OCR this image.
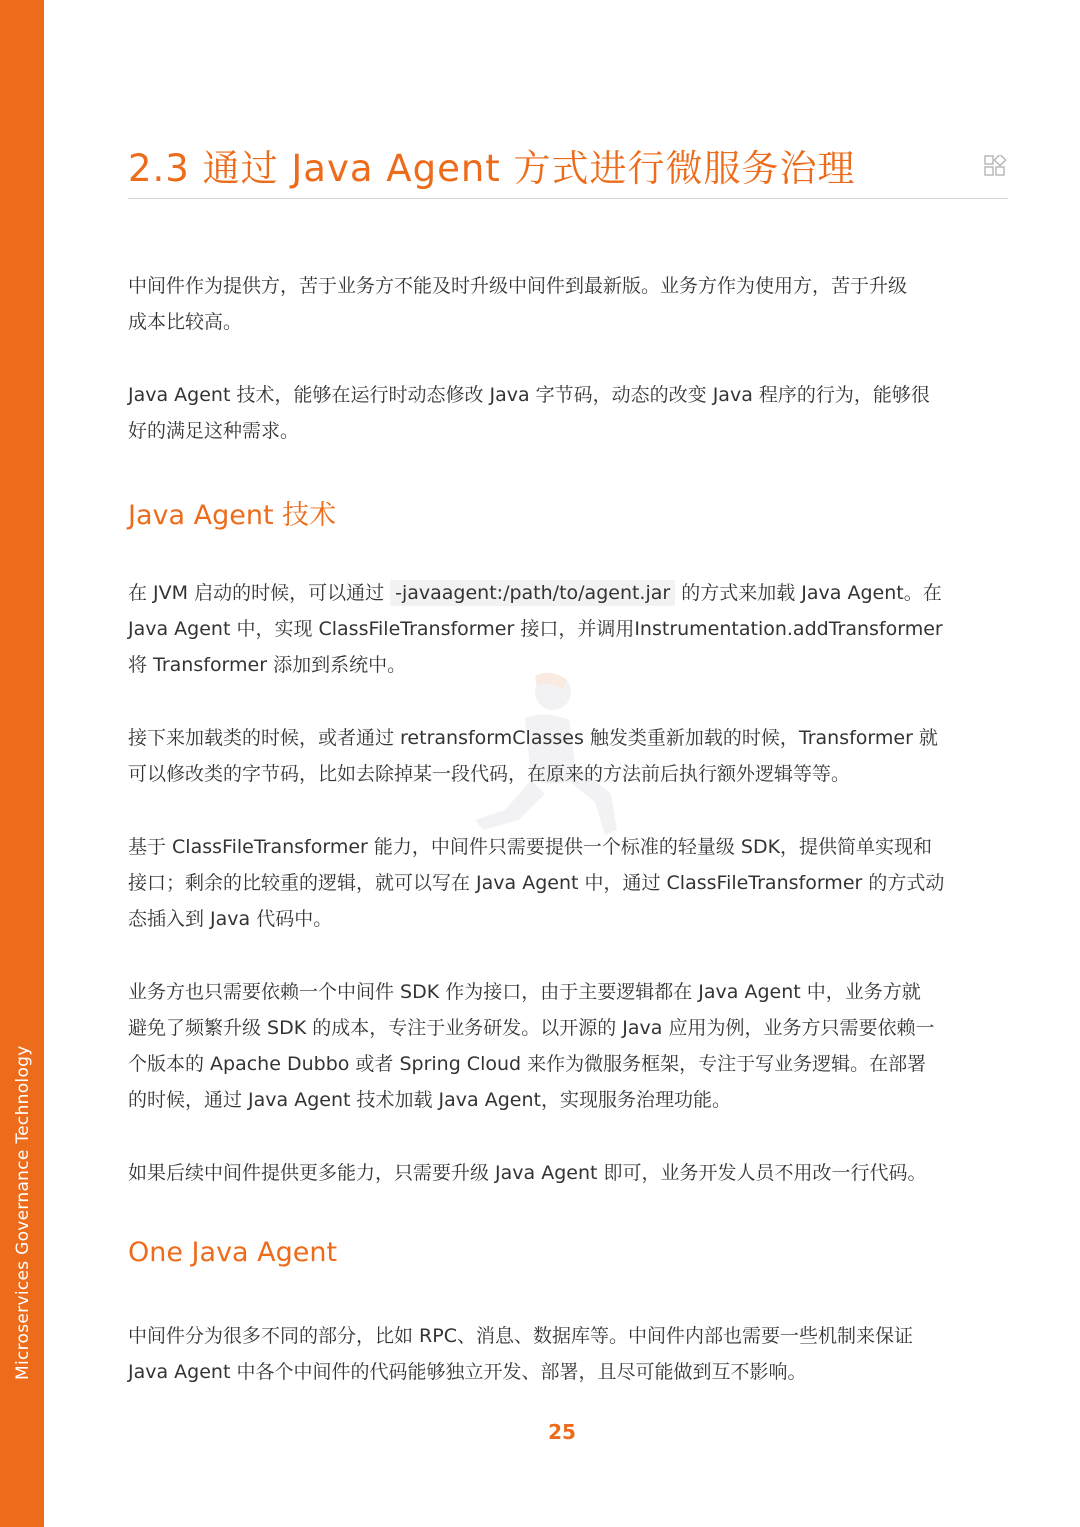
Microservices Governance Technology
2.3 通过 Java Agent 方式进行微服务治理

中间件作为提供方，苦于业务方不能及时升级中间件到最新版。业务方作为使用方，苦于升级
成本比较高。

Java Agent 技术，能够在运行时动态修改 Java 字节码，动态的改变 Java 程序的行为，能够很
好的满足这种需求。

Java Agent 技术

在 JVM 启动的时候，可以通过 -javaagent:/path/to/agent.jar 的方式来加载 Java Agent。在
Java Agent 中，实现 ClassFileTransformer 接口，并调用Instrumentation.addTransformer
将 Transformer 添加到系统中。

接下来加载类的时候，或者通过 retransformClasses 触发类重新加载的时候，Transformer 就
可以修改类的字节码，比如去除掉某一段代码，在原来的方法前后执行额外逻辑等等。

基于 ClassFileTransformer 能力，中间件只需要提供一个标准的轻量级 SDK，提供简单实现和
接口；剩余的比较重的逻辑，就可以写在 Java Agent 中，通过 ClassFileTransformer 的方式动
态插入到 Java 代码中。

业务方也只需要依赖一个中间件 SDK 作为接口，由于主要逻辑都在 Java Agent 中，业务方就
避免了频繁升级 SDK 的成本，专注于业务研发。以开源的 Java 应用为例，业务方只需要依赖一
个版本的 Apache Dubbo 或者 Spring Cloud 来作为微服务框架，专注于写业务逻辑。在部署
的时候，通过 Java Agent 技术加载 Java Agent，实现服务治理功能。

如果后续中间件提供更多能力，只需要升级 Java Agent 即可，业务开发人员不用改一行代码。

One Java Agent

中间件分为很多不同的部分，比如 RPC、消息、数据库等。中间件内部也需要一些机制来保证
Java Agent 中各个中间件的代码能够独立开发、部署，且尽可能做到互不影响。

25
